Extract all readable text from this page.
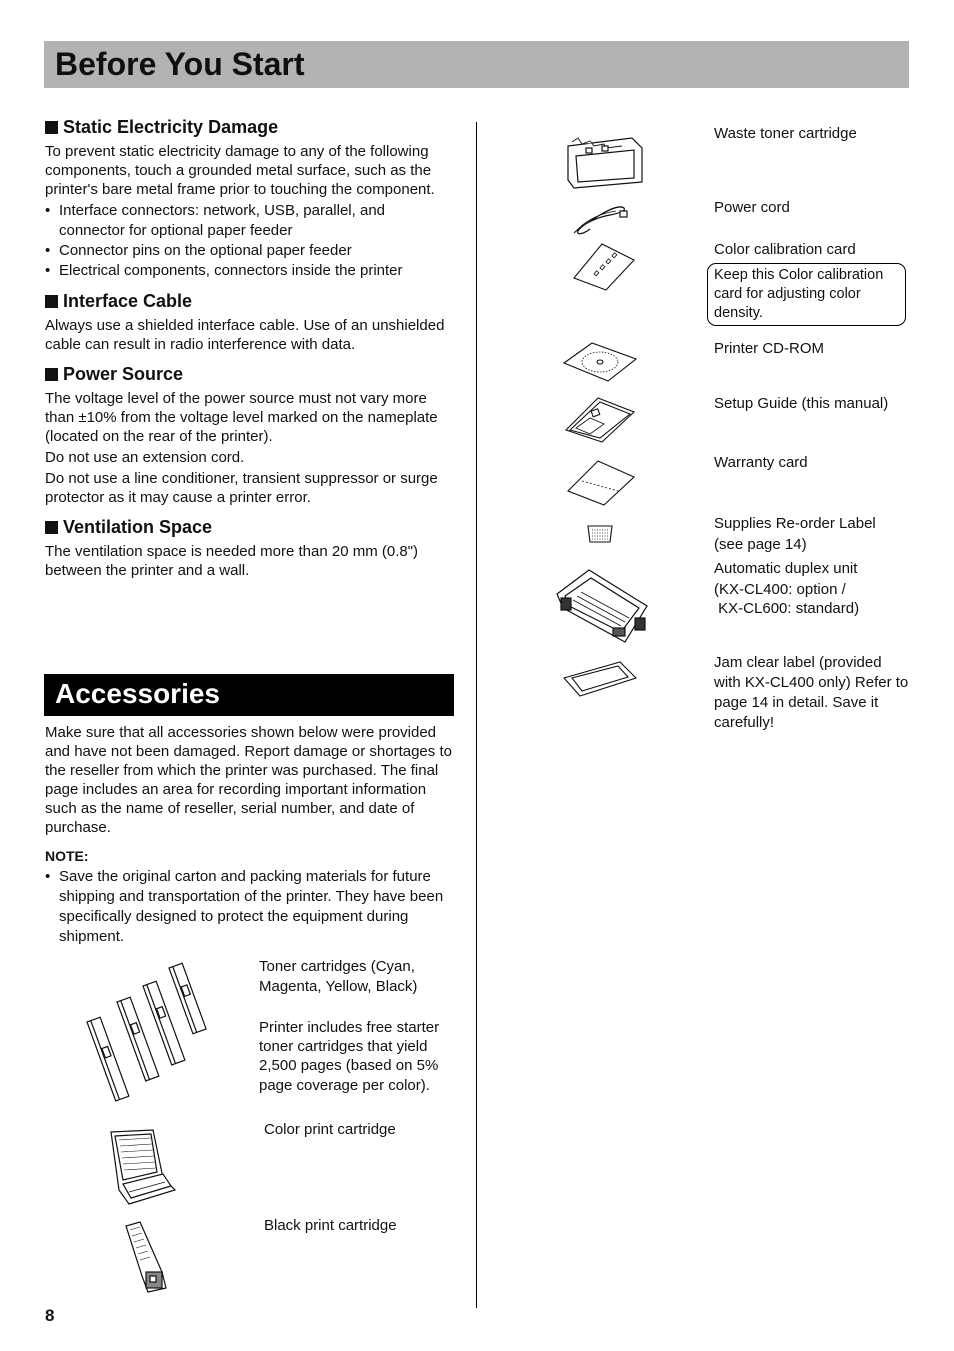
Before You Start
Static Electricity Damage

To prevent static electricity damage to any of the following components, touch a grounded metal surface, such as the printer's bare metal frame prior to touching the component.

• Interface connectors: network, USB, parallel, and connector for optional paper feeder
• Connector pins on the optional paper feeder
• Electrical components, connectors inside the printer
Interface Cable

Always use a shielded interface cable. Use of an unshielded cable can result in radio interference with data.

Power Source

The voltage level of the power source must not vary more than ±10% from the voltage level marked on the nameplate (located on the rear of the printer).

Do not use an extension cord.

Do not use a line conditioner, transient suppressor or surge protector as it may cause a printer error.

Ventilation Space

The ventilation space is needed more than 20 mm (0.8") between the printer and a wall.

Accessories

Make sure that all accessories shown below were provided and have not been damaged. Report damage or shortages to the reseller from which the printer was purchased. The final page includes an area for recording important information such as the name of reseller, serial number, and date of purchase.

NOTE:

• Save the original carton and packing materials for future shipping and transportation of the printer. They have been specifically designed to protect the equipment during shipment.
Toner cartridges (Cyan, Magenta, Yellow, Black)
Printer includes free starter toner cartridges that yield 2,500 pages (based on 5% page coverage per color).
Color print cartridge
Black print cartridge
Waste toner cartridge
Power cord
Color calibration card
Keep this Color calibration card for adjusting color density.
Printer CD-ROM
Setup Guide (this manual)
Warranty card
Supplies Re-order Label (see page 14)
Automatic duplex unit
(KX-CL400: option /
KX-CL600: standard)
Jam clear label (provided with KX-CL400 only) Refer to page 14 in detail. Save it carefully!
8
